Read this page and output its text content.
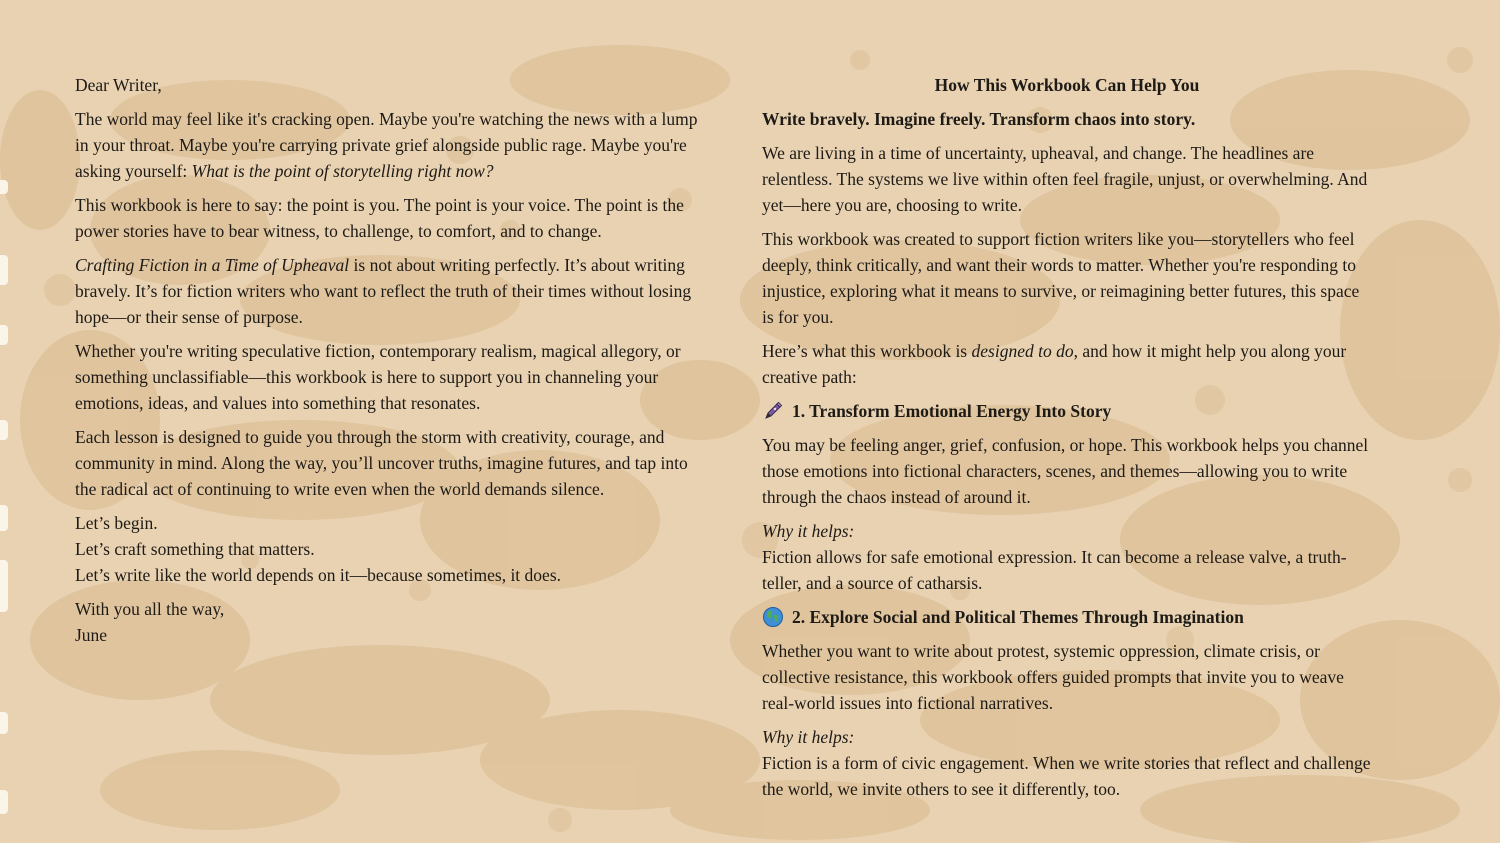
Dear Writer,

The world may feel like it's cracking open. Maybe you're watching the news with a lump in your throat. Maybe you're carrying private grief alongside public rage. Maybe you're asking yourself: What is the point of storytelling right now?

This workbook is here to say: the point is you. The point is your voice. The point is the power stories have to bear witness, to challenge, to comfort, and to change.

Crafting Fiction in a Time of Upheaval is not about writing perfectly. It’s about writing bravely. It’s for fiction writers who want to reflect the truth of their times without losing hope—or their sense of purpose.

Whether you're writing speculative fiction, contemporary realism, magical allegory, or something unclassifiable—this workbook is here to support you in channeling your emotions, ideas, and values into something that resonates.

Each lesson is designed to guide you through the storm with creativity, courage, and community in mind. Along the way, you’ll uncover truths, imagine futures, and tap into the radical act of continuing to write even when the world demands silence.

Let’s begin.
Let’s craft something that matters.
Let’s write like the world depends on it—because sometimes, it does.

With you all the way,
June

How This Workbook Can Help You

Write bravely. Imagine freely. Transform chaos into story.

We are living in a time of uncertainty, upheaval, and change. The headlines are relentless. The systems we live within often feel fragile, unjust, or overwhelming. And yet—here you are, choosing to write.

This workbook was created to support fiction writers like you—storytellers who feel deeply, think critically, and want their words to matter. Whether you're responding to injustice, exploring what it means to survive, or reimagining better futures, this space is for you.

Here’s what this workbook is designed to do, and how it might help you along your creative path:

1. Transform Emotional Energy Into Story

You may be feeling anger, grief, confusion, or hope. This workbook helps you channel those emotions into fictional characters, scenes, and themes—allowing you to write through the chaos instead of around it.

Why it helps:
Fiction allows for safe emotional expression. It can become a release valve, a truth-teller, and a source of catharsis.

2. Explore Social and Political Themes Through Imagination

Whether you want to write about protest, systemic oppression, climate crisis, or collective resistance, this workbook offers guided prompts that invite you to weave real-world issues into fictional narratives.

Why it helps:
Fiction is a form of civic engagement. When we write stories that reflect and challenge the world, we invite others to see it differently, too.
